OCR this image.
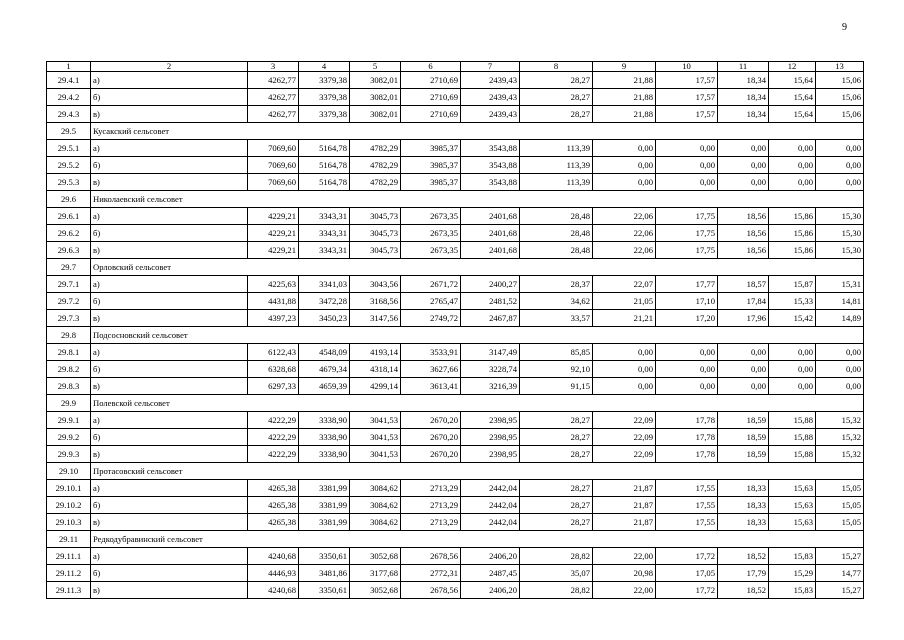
9
1	2	3	4	5	6	7	8	9	10	11	12	13
29.4.1	а)	4262,77	3379,38	3082,01	2710,69	2439,43	28,27	21,88	17,57	18,34	15,64	15,06
29.4.2	б)	4262,77	3379,38	3082,01	2710,69	2439,43	28,27	21,88	17,57	18,34	15,64	15,06
29.4.3	в)	4262,77	3379,38	3082,01	2710,69	2439,43	28,27	21,88	17,57	18,34	15,64	15,06
29.5	Кусакский сельсовет											
29.5.1	а)	7069,60	5164,78	4782,29	3985,37	3543,88	113,39	0,00	0,00	0,00	0,00	0,00
29.5.2	б)	7069,60	5164,78	4782,29	3985,37	3543,88	113,39	0,00	0,00	0,00	0,00	0,00
29.5.3	в)	7069,60	5164,78	4782,29	3985,37	3543,88	113,39	0,00	0,00	0,00	0,00	0,00
29.6	Николаевский сельсовет											
29.6.1	а)	4229,21	3343,31	3045,73	2673,35	2401,68	28,48	22,06	17,75	18,56	15,86	15,30
29.6.2	б)	4229,21	3343,31	3045,73	2673,35	2401,68	28,48	22,06	17,75	18,56	15,86	15,30
29.6.3	в)	4229,21	3343,31	3045,73	2673,35	2401,68	28,48	22,06	17,75	18,56	15,86	15,30
29.7	Орловский сельсовет											
29.7.1	а)	4225,63	3341,03	3043,56	2671,72	2400,27	28,37	22,07	17,77	18,57	15,87	15,31
29.7.2	б)	4431,88	3472,28	3168,56	2765,47	2481,52	34,62	21,05	17,10	17,84	15,33	14,81
29.7.3	в)	4397,23	3450,23	3147,56	2749,72	2467,87	33,57	21,21	17,20	17,96	15,42	14,89
29.8	Подсосновский сельсовет											
29.8.1	а)	6122,43	4548,09	4193,14	3533,91	3147,49	85,85	0,00	0,00	0,00	0,00	0,00
29.8.2	б)	6328,68	4679,34	4318,14	3627,66	3228,74	92,10	0,00	0,00	0,00	0,00	0,00
29.8.3	в)	6297,33	4659,39	4299,14	3613,41	3216,39	91,15	0,00	0,00	0,00	0,00	0,00
29.9	Полевской сельсовет											
29.9.1	а)	4222,29	3338,90	3041,53	2670,20	2398,95	28,27	22,09	17,78	18,59	15,88	15,32
29.9.2	б)	4222,29	3338,90	3041,53	2670,20	2398,95	28,27	22,09	17,78	18,59	15,88	15,32
29.9.3	в)	4222,29	3338,90	3041,53	2670,20	2398,95	28,27	22,09	17,78	18,59	15,88	15,32
29.10	Протасовский сельсовет											
29.10.1	а)	4265,38	3381,99	3084,62	2713,29	2442,04	28,27	21,87	17,55	18,33	15,63	15,05
29.10.2	б)	4265,38	3381,99	3084,62	2713,29	2442,04	28,27	21,87	17,55	18,33	15,63	15,05
29.10.3	в)	4265,38	3381,99	3084,62	2713,29	2442,04	28,27	21,87	17,55	18,33	15,63	15,05
29.11	Редкодубравинский сельсовет											
29.11.1	а)	4240,68	3350,61	3052,68	2678,56	2406,20	28,82	22,00	17,72	18,52	15,83	15,27
29.11.2	б)	4446,93	3481,86	3177,68	2772,31	2487,45	35,07	20,98	17,05	17,79	15,29	14,77
29.11.3	в)	4240,68	3350,61	3052,68	2678,56	2406,20	28,82	22,00	17,72	18,52	15,83	15,27
